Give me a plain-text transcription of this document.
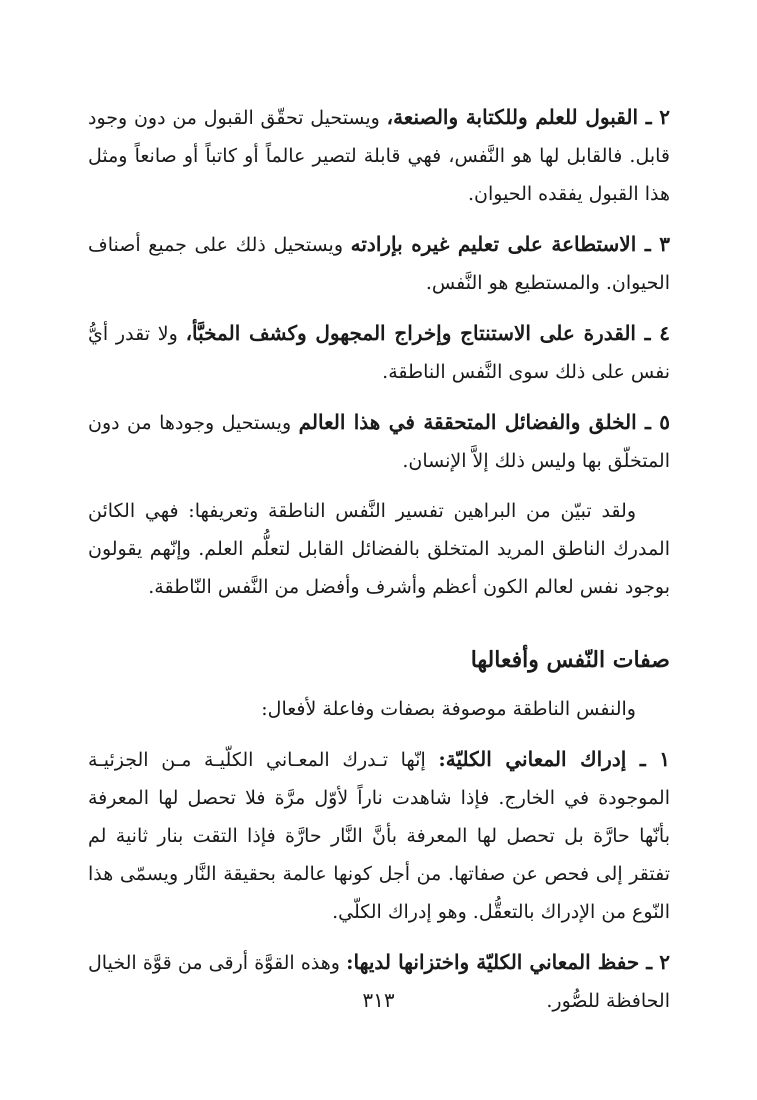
٢ ـ القبول للعلم وللكتابة والصنعة، ويستحيل تحقّق القبول من دون وجود قابل. فالقابل لها هو النَّفس، فهي قابلة لتصير عالماً أو كاتباً أو صانعاً ومثل هذا القبول يفقده الحيوان.

٣ ـ الاستطاعة على تعليم غيره بإرادته ويستحيل ذلك على جميع أصناف الحيوان. والمستطيع هو النَّفس.

٤ ـ القدرة على الاستنتاج وإخراج المجهول وكشف المخبَّأ، ولا تقدر أيُّ نفس على ذلك سوى النَّفس الناطقة.

٥ ـ الخلق والفضائل المتحققة في هذا العالم ويستحيل وجودها من دون المتخلّق بها وليس ذلك إلاَّ الإنسان.

ولقد تبيّن من البراهين تفسير النَّفس الناطقة وتعريفها: فهي الكائن المدرك الناطق المريد المتخلق بالفضائل القابل لتعلُّم العلم. وإنّهم يقولون بوجود نفس لعالم الكون أعظم وأشرف وأفضل من النَّفس النّاطقة.

صفات النّفس وأفعالها

والنفس الناطقة موصوفة بصفات وفاعلة لأفعال:

١ ـ إدراك المعاني الكليّة: إنّها تـدرك المعـاني الكلّيـة مـن الجزئيـة الموجودة في الخارج. فإذا شاهدت ناراً لأوّل مرَّة فلا تحصل لها المعرفة بأنّها حارَّة بل تحصل لها المعرفة بأنَّ النَّار حارَّة فإذا التقت بنار ثانية لم تفتقر إلى فحص عن صفاتها. من أجل كونها عالمة بحقيقة النَّار ويسمّى هذا النّوع من الإدراك بالتعقُّل. وهو إدراك الكلّي.

٢ ـ حفظ المعاني الكليّة واختزانها لديها: وهذه القوَّة أرقى من قوَّة الخيال الحافظة للصُّور.

٣١٣
